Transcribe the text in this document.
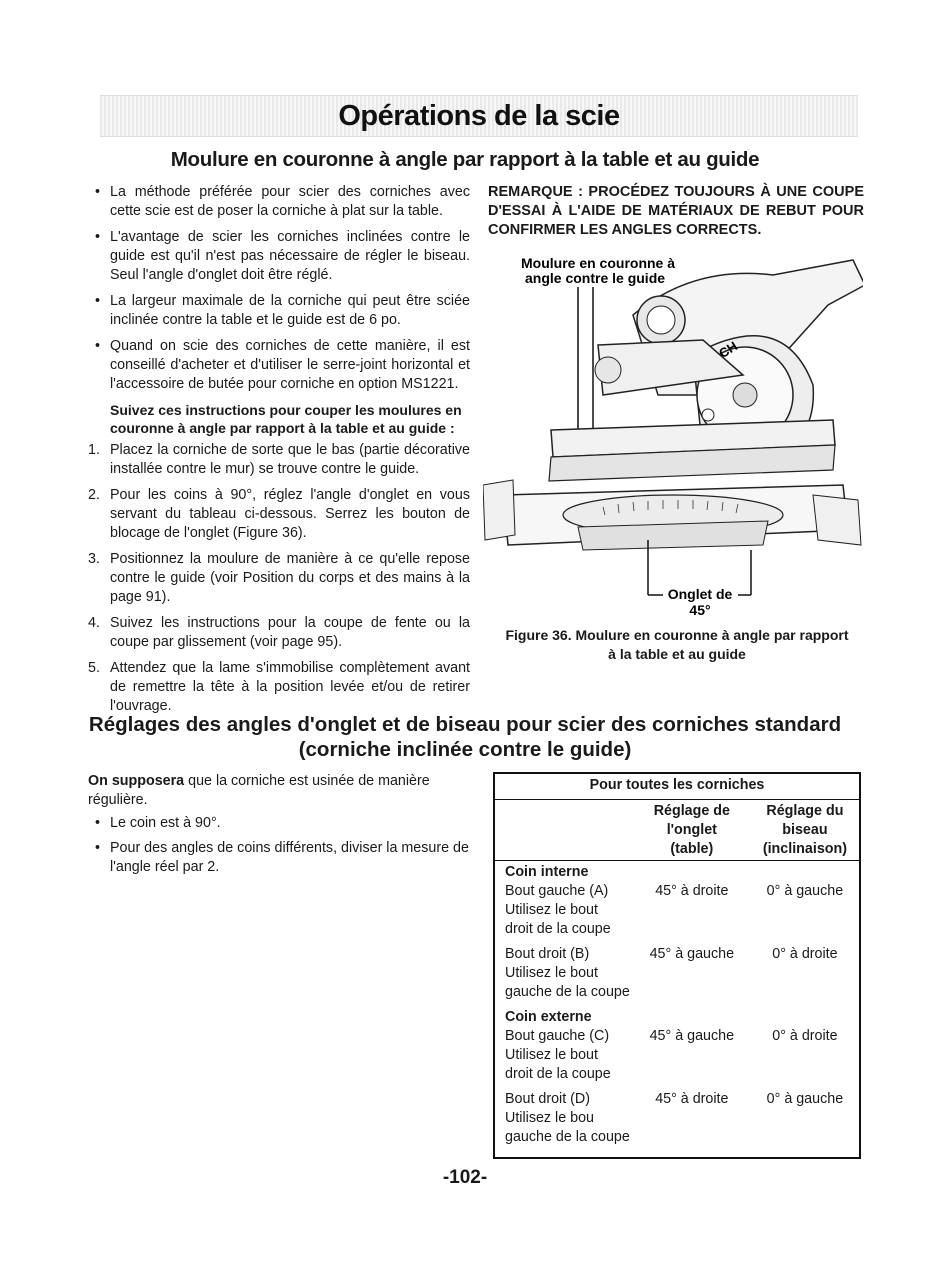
Opérations de la scie
Moulure en couronne à angle par rapport à la table et au guide
• La méthode préférée pour scier des corniches avec cette scie est de poser la corniche à plat sur la table.
• L'avantage de scier les corniches inclinées contre le guide est qu'il n'est pas nécessaire de régler le biseau. Seul l'angle d'onglet doit être réglé.
• La largeur maximale de la corniche qui peut être sciée inclinée contre la table et le guide est de 6 po.
• Quand on scie des corniches de cette manière, il est conseillé d'acheter et d'utiliser le serre-joint horizontal et l'accessoire de butée pour corniche en option MS1221.
Suivez ces instructions pour couper les moulures en couronne à angle par rapport à la table et au guide :
1. Placez la corniche de sorte que le bas (partie décorative installée contre le mur) se trouve contre le guide.
2. Pour les coins à 90°, réglez l'angle d'onglet en vous servant du tableau ci-dessous. Serrez les bouton de blocage de l'onglet (Figure 36).
3. Positionnez la moulure de manière à ce qu'elle repose contre le guide (voir Position du corps et des mains à la page 91).
4. Suivez les instructions pour la coupe de fente ou la coupe par glissement (voir page 95).
5. Attendez que la lame s'immobilise complètement avant de remettre la tête à la position levée et/ou de retirer l'ouvrage.
REMARQUE : PROCÉDEZ TOUJOURS À UNE COUPE D'ESSAI À L'AIDE DE MATÉRIAUX DE REBUT POUR CONFIRMER LES ANGLES CORRECTS.
Moulure en couronne à
angle contre le guide
Onglet de
45°
Figure 36. Moulure en couronne à angle par rapport
à la table et au guide
Réglages des angles d'onglet et de biseau pour scier des corniches standard
(corniche inclinée contre le guide)
On supposera que la corniche est usinée de manière régulière.
• Le coin est à 90°.
• Pour des angles de coins différents, diviser la mesure de l'angle réel par 2.
Pour toutes les corniches
Réglage de
l'onglet
(table)
Réglage du
biseau
(inclinaison)
Coin interne
Bout gauche (A)
Utilisez le bout
droit de la coupe
45° à droite	0° à gauche
Bout droit (B)
Utilisez le bout
gauche de la coupe
45° à gauche	0° à droite
Coin externe
Bout gauche (C)
Utilisez le bout
droit de la coupe
45° à gauche	0° à droite
Bout droit (D)
Utilisez le bou
gauche de la coupe
45° à droite	0° à gauche
-102-
